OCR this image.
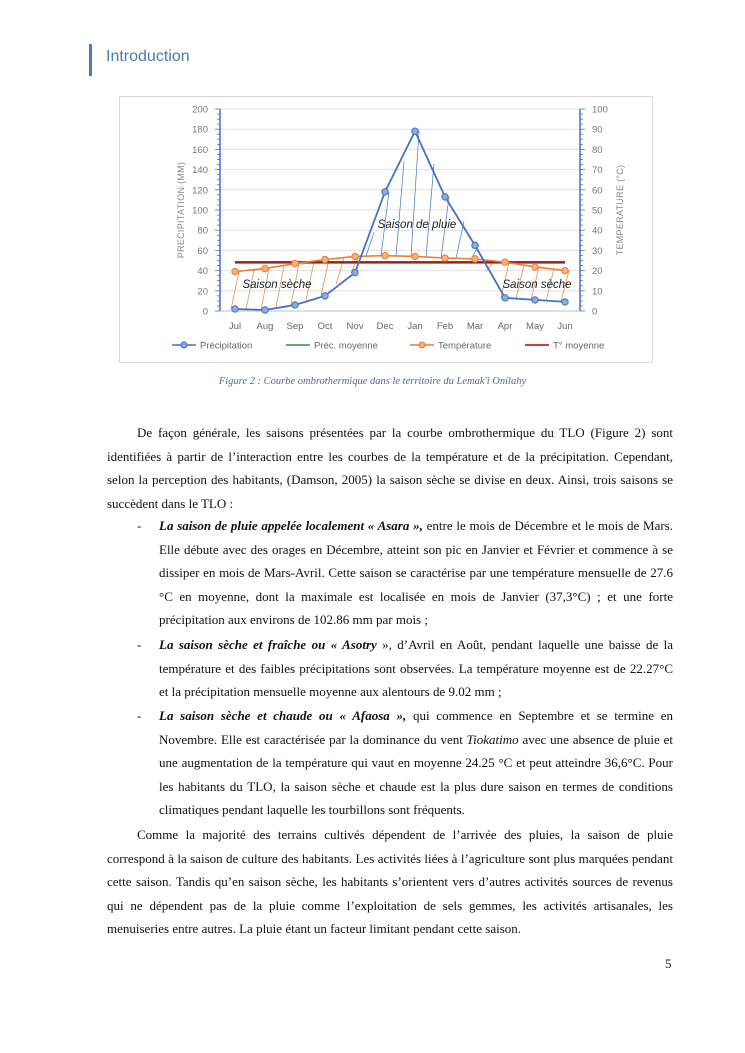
Introduction
0
20
40
60
80
100
120
140
160
180
200
0
10
20
30
40
50
60
70
80
90
100
PRECIPITATION (MM)	TEMPERATURE (°C)
Jul Aug Sep Oct Nov Dec Jan Feb Mar Apr May Jun
Saison de pluie
Saison sèche	Saison sèche
Précipitation	Préc. moyenne	Température	T° moyenne
Figure 2 : Courbe ombrothermique dans le territoire du Lemak'i Onilahy

De façon générale, les saisons présentées par la courbe ombrothermique du TLO (Figure 2) sont identifiées à partir de l’interaction entre les courbes de la température et de la précipitation. Cependant, selon la perception des habitants, (Damson, 2005) la saison sèche se divise en deux. Ainsi, trois saisons se succèdent dans le TLO :

- La saison de pluie appelée localement « Asara », entre le mois de Décembre et le mois de Mars. Elle débute avec des orages en Décembre, atteint son pic en Janvier et Février et commence à se dissiper en mois de Mars-Avril. Cette saison se caractérise par une température mensuelle de 27.6 °C en moyenne, dont la maximale est localisée en mois de Janvier (37,3°C) ; et une forte précipitation aux environs de 102.86 mm par mois ;

- La saison sèche et fraîche ou « Asotry », d’Avril en Août, pendant laquelle une baisse de la température et des faibles précipitations sont observées. La température moyenne est de 22.27°C et la précipitation mensuelle moyenne aux alentours de 9.02 mm ;

- La saison sèche et chaude ou « Afaosa », qui commence en Septembre et se termine en Novembre. Elle est caractérisée par la dominance du vent Tiokatimo avec une absence de pluie et une augmentation de la température qui vaut en moyenne 24.25 °C et peut atteindre 36,6°C. Pour les habitants du TLO, la saison sèche et chaude est la plus dure saison en termes de conditions climatiques pendant laquelle les tourbillons sont fréquents.

Comme la majorité des terrains cultivés dépendent de l’arrivée des pluies, la saison de pluie correspond à la saison de culture des habitants. Les activités liées à l’agriculture sont plus marquées pendant cette saison. Tandis qu’en saison sèche, les habitants s’orientent vers d’autres activités sources de revenus qui ne dépendent pas de la pluie comme l’exploitation de sels gemmes, les activités artisanales, les menuiseries entre autres. La pluie étant un facteur limitant pendant cette saison.

5
